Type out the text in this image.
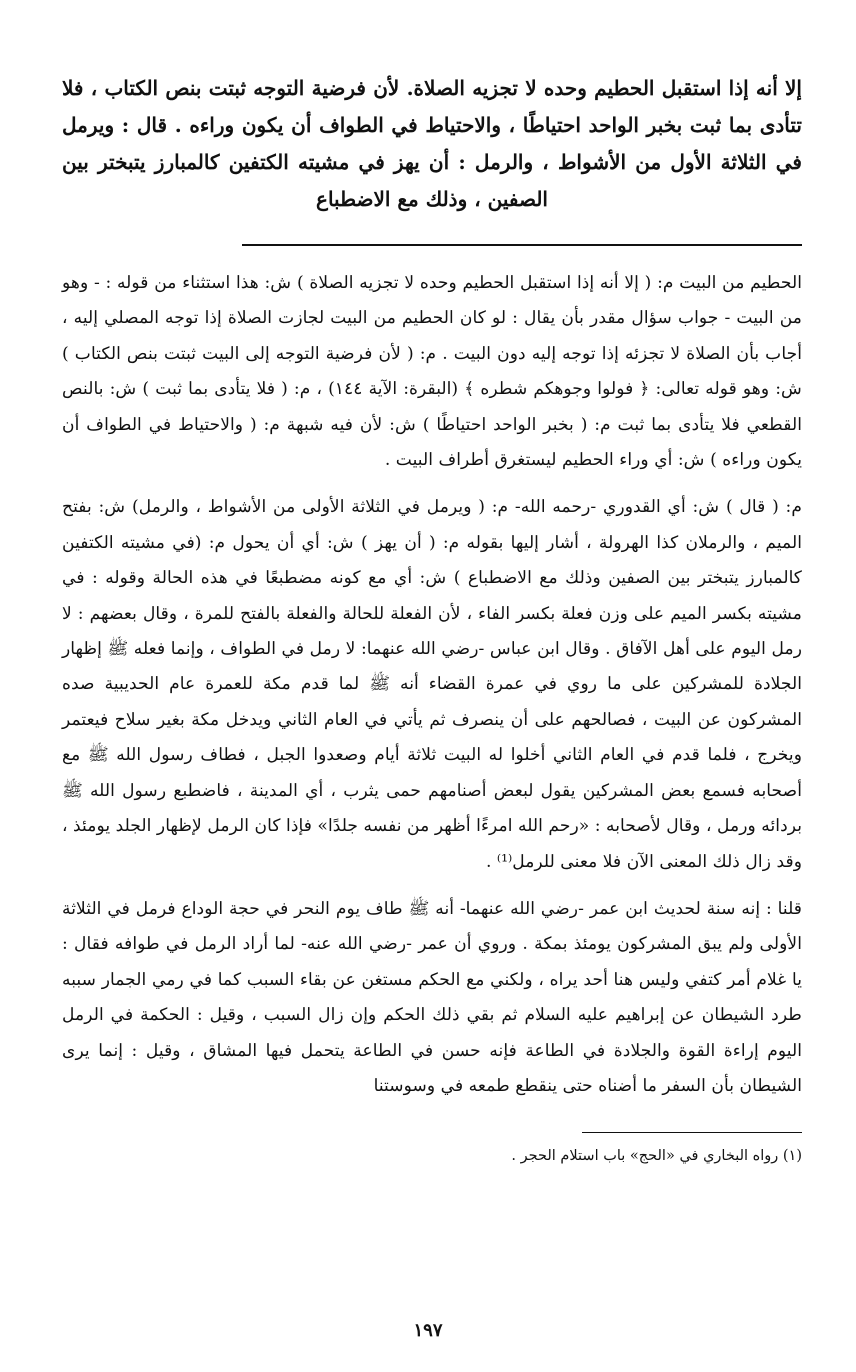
إلا أنه إذا استقبل الحطيم وحده لا تجزيه الصلاة. لأن فرضية التوجه ثبتت بنص الكتاب ، فلا تتأدى بما ثبت بخبر الواحد احتياطًا ، والاحتياط في الطواف أن يكون وراءه . قال : ويرمل في الثلاثة الأول من الأشواط ، والرمل : أن يهز في مشيته الكتفين كالمبارز يتبختر بين الصفين ، وذلك مع الاضطباع

الحطيم من البيت م: ( إلا أنه إذا استقبل الحطيم وحده لا تجزيه الصلاة ) ش: هذا استثناء من قوله : - وهو من البيت - جواب سؤال مقدر بأن يقال : لو كان الحطيم من البيت لجازت الصلاة إذا توجه المصلي إليه ، أجاب بأن الصلاة لا تجزئه إذا توجه إليه دون البيت . م: ( لأن فرضية التوجه إلى البيت ثبتت بنص الكتاب ) ش: وهو قوله تعالى: ﴿ فولوا وجوهكم شطره ﴾ (البقرة: الآية ١٤٤) ، م: ( فلا يتأدى بما ثبت ) ش: بالنص القطعي فلا يتأدى بما ثبت م: ( بخبر الواحد احتياطًا ) ش: لأن فيه شبهة م: ( والاحتياط في الطواف أن يكون وراءه ) ش: أي وراء الحطيم ليستغرق أطراف البيت .

م: ( قال ) ش: أي القدوري -رحمه الله- م: ( ويرمل في الثلاثة الأولى من الأشواط ، والرمل) ش: بفتح الميم ، والرملان كذا الهرولة ، أشار إليها بقوله م: ( أن يهز ) ش: أي أن يحول م: (في مشيته الكتفين كالمبارز يتبختر بين الصفين وذلك مع الاضطباع ) ش: أي مع كونه مضطبعًا في هذه الحالة وقوله : في مشيته بكسر الميم على وزن فعلة بكسر الفاء ، لأن الفعلة للحالة والفعلة بالفتح للمرة ، وقال بعضهم : لا رمل اليوم على أهل الآفاق . وقال ابن عباس -رضي الله عنهما: لا رمل في الطواف ، وإنما فعله ﷺ إظهار الجلادة للمشركين على ما روي في عمرة القضاء أنه ﷺ لما قدم مكة للعمرة عام الحديبية صده المشركون عن البيت ، فصالحهم على أن ينصرف ثم يأتي في العام الثاني ويدخل مكة بغير سلاح فيعتمر ويخرج ، فلما قدم في العام الثاني أخلوا له البيت ثلاثة أيام وصعدوا الجبل ، فطاف رسول الله ﷺ مع أصحابه فسمع بعض المشركين يقول لبعض أصنامهم حمى يثرب ، أي المدينة ، فاضطبع رسول الله ﷺ بردائه ورمل ، وقال لأصحابه : «رحم الله امرءًا أظهر من نفسه جلدًا» فإذا كان الرمل لإظهار الجلد يومئذ ، وقد زال ذلك المعنى الآن فلا معنى للرمل⁽¹⁾ .

قلنا : إنه سنة لحديث ابن عمر -رضي الله عنهما- أنه ﷺ طاف يوم النحر في حجة الوداع فرمل في الثلاثة الأولى ولم يبق المشركون يومئذ بمكة . وروي أن عمر -رضي الله عنه- لما أراد الرمل في طوافه فقال : يا غلام أمر كتفي وليس هنا أحد يراه ، ولكني مع الحكم مستغن عن بقاء السبب كما في رمي الجمار سببه طرد الشيطان عن إبراهيم عليه السلام ثم بقي ذلك الحكم وإن زال السبب ، وقيل : الحكمة في الرمل اليوم إراءة القوة والجلادة في الطاعة فإنه حسن في الطاعة يتحمل فيها المشاق ، وقيل : إنما يرى الشيطان بأن السفر ما أضناه حتى ينقطع طمعه في وسوستنا

(١) رواه البخاري في «الحج» باب استلام الحجر .

١٩٧
